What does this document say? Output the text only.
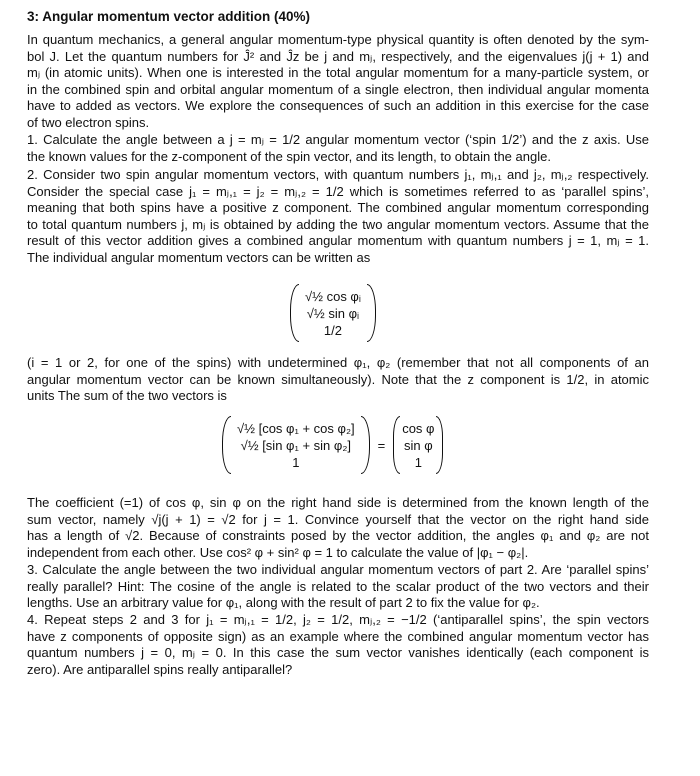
3: Angular momentum vector addition (40%)
In quantum mechanics, a general angular momentum-type physical quantity is often denoted by the sym-
bol J. Let the quantum numbers for Ĵ² and Ĵz be j and mⱼ, respectively, and the eigenvalues j(j + 1) and
mⱼ (in atomic units). When one is interested in the total angular momentum for a many-particle system, or
in the combined spin and orbital angular momentum of a single electron, then individual angular momenta
have to added as vectors. We explore the consequences of such an addition in this exercise for the case
of two electron spins.
1. Calculate the angle between a j = mⱼ = 1/2 angular momentum vector (‘spin 1/2’) and the z axis. Use
the known values for the z-component of the spin vector, and its length, to obtain the angle.
2. Consider two spin angular momentum vectors, with quantum numbers j₁, mⱼ,₁ and j₂, mⱼ,₂ respectively.
Consider the special case j₁ = mⱼ,₁ = j₂ = mⱼ,₂ = 1/2 which is sometimes referred to as ‘parallel spins’,
meaning that both spins have a positive z component. The combined angular momentum corresponding
to total quantum numbers j, mⱼ is obtained by adding the two angular momentum vectors. Assume that the
result of this vector addition gives a combined angular momentum with quantum numbers j = 1, mⱼ = 1.
The individual angular momentum vectors can be written as
√½ cos φᵢ
√½ sin φᵢ
1/2
(i = 1 or 2, for one of the spins) with undetermined φ₁, φ₂ (remember that not all components of an
angular momentum vector can be known simultaneously). Note that the z component is 1/2, in atomic
units The sum of the two vectors is
√½ [cos φ₁ + cos φ₂]
√½ [sin φ₁ + sin φ₂]
1
=
cos φ
sin φ
1
The coefficient (=1) of cos φ, sin φ on the right hand side is determined from the known length of the
sum vector, namely √j(j + 1) = √2 for j = 1. Convince yourself that the vector on the right hand side
has a length of √2. Because of constraints posed by the vector addition, the angles φ₁ and φ₂ are not
independent from each other. Use cos² φ + sin² φ = 1 to calculate the value of |φ₁ − φ₂|.
3. Calculate the angle between the two individual angular momentum vectors of part 2. Are ‘parallel spins’
really parallel? Hint: The cosine of the angle is related to the scalar product of the two vectors and their
lengths. Use an arbitrary value for φ₁, along with the result of part 2 to fix the value for φ₂.
4. Repeat steps 2 and 3 for j₁ = mⱼ,₁ = 1/2, j₂ = 1/2, mⱼ,₂ = −1/2 (‘antiparallel spins’, the spin vectors
have z components of opposite sign) as an example where the combined angular momentum vector has
quantum numbers j = 0, mⱼ = 0. In this case the sum vector vanishes identically (each component is
zero). Are antiparallel spins really antiparallel?
